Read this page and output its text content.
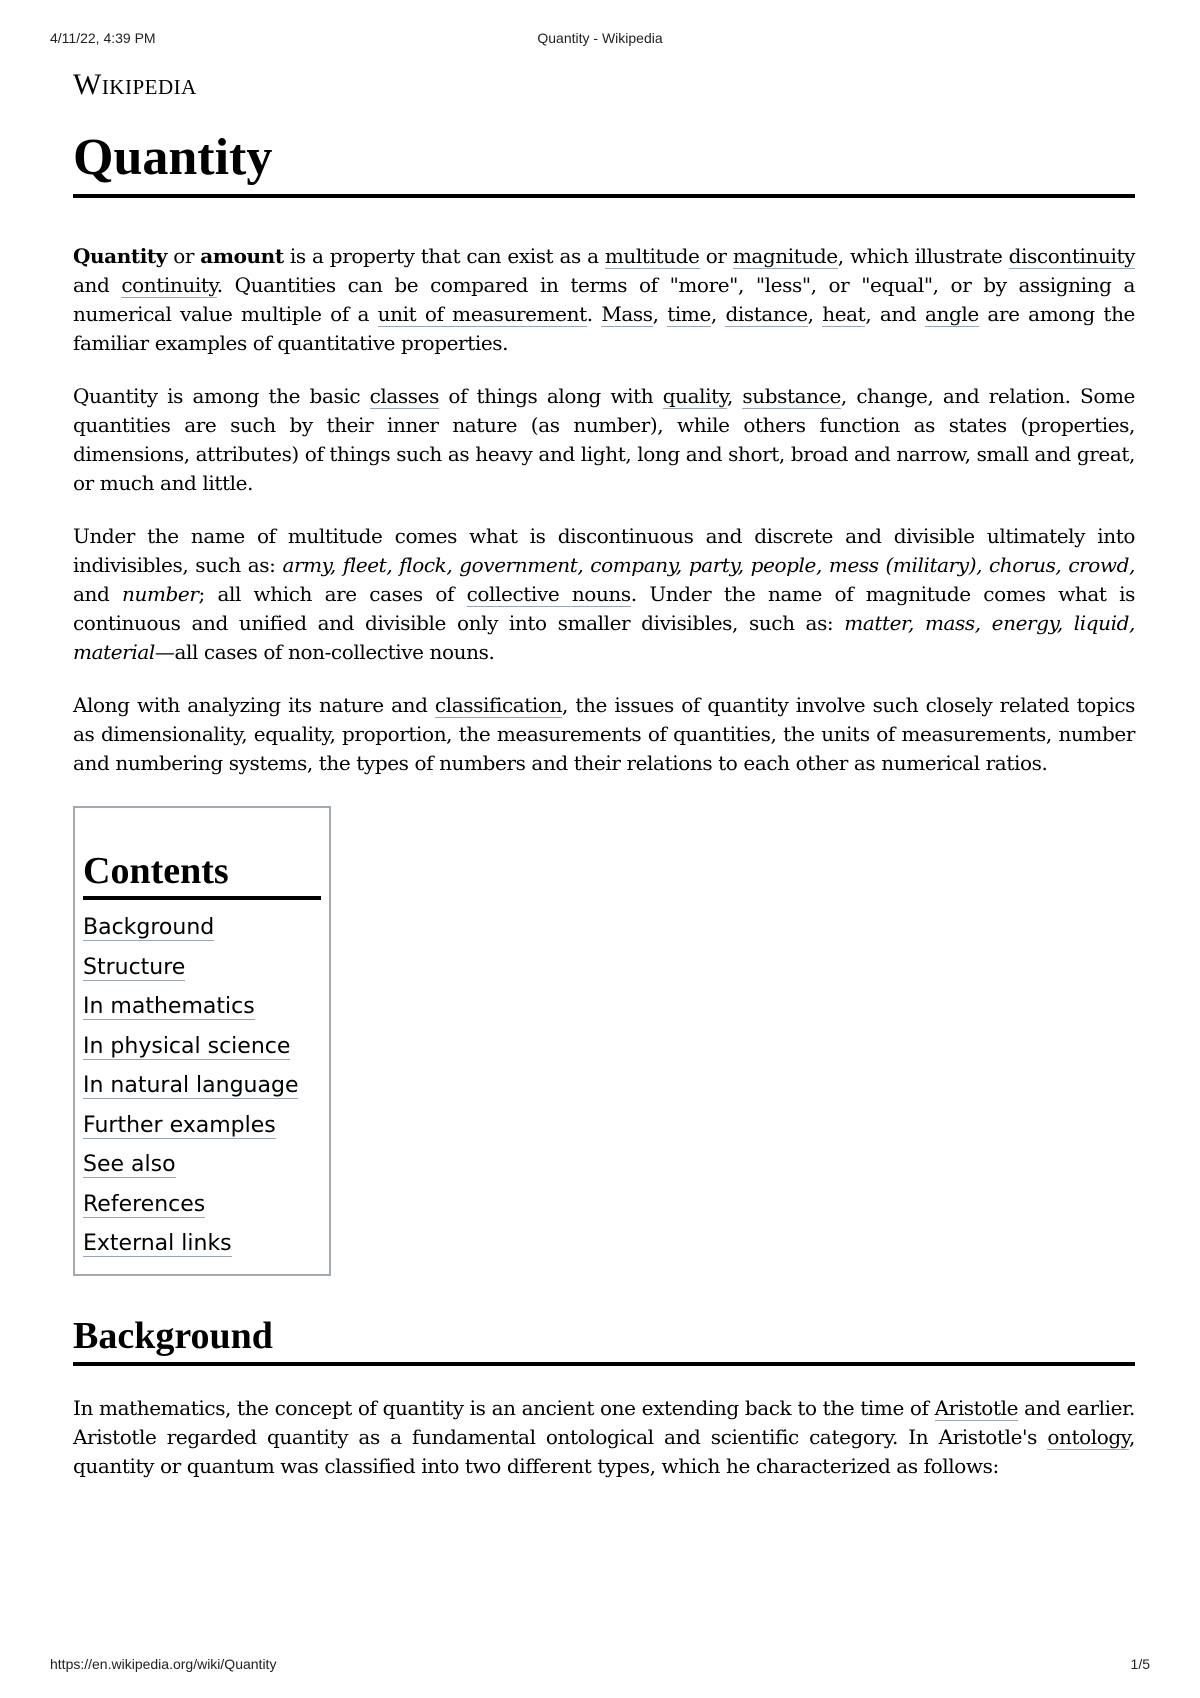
4/11/22, 4:39 PM	Quantity - Wikipedia
Wikipedia
Quantity

Quantity or amount is a property that can exist as a multitude or magnitude, which illustrate discontinuity and continuity. Quantities can be compared in terms of "more", "less", or "equal", or by assigning a numerical value multiple of a unit of measurement. Mass, time, distance, heat, and angle are among the familiar examples of quantitative properties.

Quantity is among the basic classes of things along with quality, substance, change, and relation. Some quantities are such by their inner nature (as number), while others function as states (properties, dimensions, attributes) of things such as heavy and light, long and short, broad and narrow, small and great, or much and little.

Under the name of multitude comes what is discontinuous and discrete and divisible ultimately into indivisibles, such as: army, fleet, flock, government, company, party, people, mess (military), chorus, crowd, and number; all which are cases of collective nouns. Under the name of magnitude comes what is continuous and unified and divisible only into smaller divisibles, such as: matter, mass, energy, liquid, material—all cases of non-collective nouns.

Along with analyzing its nature and classification, the issues of quantity involve such closely related topics as dimensionality, equality, proportion, the measurements of quantities, the units of measurements, number and numbering systems, the types of numbers and their relations to each other as numerical ratios.

Contents
Background
Structure
In mathematics
In physical science
In natural language
Further examples
See also
References
External links
Background

In mathematics, the concept of quantity is an ancient one extending back to the time of Aristotle and earlier. Aristotle regarded quantity as a fundamental ontological and scientific category. In Aristotle's ontology, quantity or quantum was classified into two different types, which he characterized as follows:

https://en.wikipedia.org/wiki/Quantity	1/5
